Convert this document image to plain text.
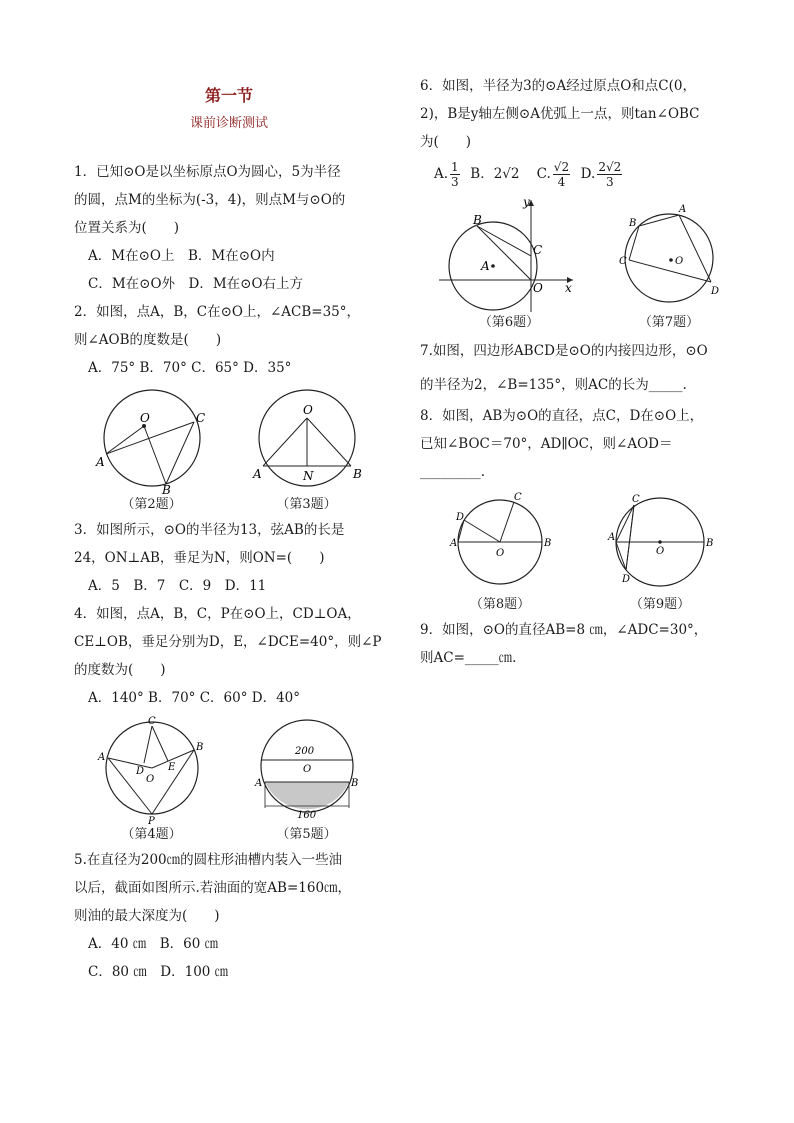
第一节

课前诊断测试

1．已知⊙O是以坐标原点O为圆心，5为半径

的圆，点M的坐标为(-3，4)，则点M与⊙O的

位置关系为(　　)

A．M在⊙O上　B．M在⊙O内

C．M在⊙O外　D．M在⊙O右上方

2．如图，点A，B，C在⊙O上，∠ACB=35°，

则∠AOB的度数是(　　)

A．75° B．70° C．65° D．35°

O
A
B
C
（第2题）
O
A	B
N
（第3题）

3．如图所示，⊙O的半径为13，弦AB的长是

24，ON⊥AB，垂足为N，则ON=(　　)

A．5　B．7　C．9　D．11

4．如图，点A，B，C，P在⊙O上，CD⊥OA，

CE⊥OB，垂足分别为D，E，∠DCE=40°，则∠P

的度数为(　　)

A．140° B．70° C．60° D．40°

C
A
B
D E
O
P
（第4题）
200
O
A	B
160
（第5题）

5.在直径为200㎝的圆柱形油槽内装入一些油

以后，截面如图所示.若油面的宽AB=160㎝，

则油的最大深度为(　　)

A．40 ㎝　B．60 ㎝

C．80 ㎝　D．100 ㎝

6．如图，半径为3的⊙A经过原点O和点C(0，

2)，B是y轴左侧⊙A优弧上一点，则tan∠OBC

为(　　)

A. $\frac{1}{3}$ B．2√2 C. $\frac{√2}{4} D$. $\frac{2√2}{3}$

y
x
B
C
A
O
（第6题）
B
A
C
D
O
（第7题）

7.如图，四边形ABCD是⊙O的内接四边形，⊙O

的半径为2，∠B=135°，则AC的长为_____.

8．如图，AB为⊙O的直径，点C，D在⊙O上，

已知∠BOC＝70°，AD∥OC，则∠AOD＝

_________.

D
C
A
O
B
（第8题）
C
A
O
B
D
（第9题）

9．如图，⊙O的直径AB=8 ㎝，∠ADC=30°，

则AC=_____㎝.
